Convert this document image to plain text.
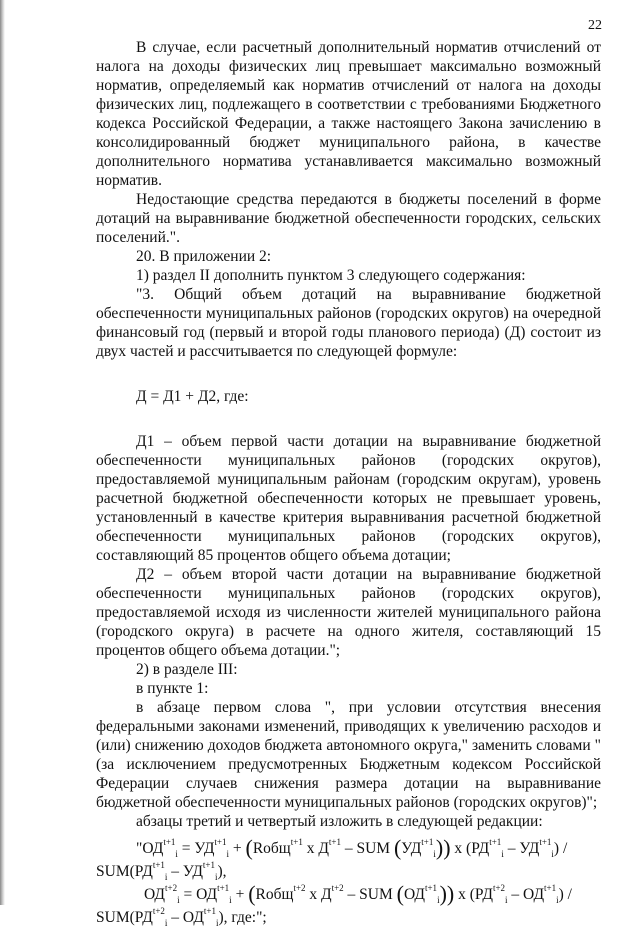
22

В случае, если расчетный дополнительный норматив отчислений от налога на доходы физических лиц превышает максимально возможный норматив, определяемый как норматив отчислений от налога на доходы физических лиц, подлежащего в соответствии с требованиями Бюджетного кодекса Российской Федерации, а также настоящего Закона зачислению в консолидированный бюджет муниципального района, в качестве дополнительного норматива устанавливается максимально возможный норматив.

Недостающие средства передаются в бюджеты поселений в форме дотаций на выравнивание бюджетной обеспеченности городских, сельских поселений.".

20. В приложении 2:

1) раздел II дополнить пунктом 3 следующего содержания:

"3. Общий объем дотаций на выравнивание бюджетной обеспеченности муниципальных районов (городских округов) на очередной финансовый год (первый и второй годы планового периода) (Д) состоит из двух частей и рассчитывается по следующей формуле:

Д = Д1 + Д2, где:

Д1 – объем первой части дотации на выравнивание бюджетной обеспеченности муниципальных районов (городских округов), предоставляемой муниципальным районам (городским округам), уровень расчетной бюджетной обеспеченности которых не превышает уровень, установленный в качестве критерия выравнивания расчетной бюджетной обеспеченности муниципальных районов (городских округов), составляющий 85 процентов общего объема дотации;

Д2 – объем второй части дотации на выравнивание бюджетной обеспеченности муниципальных районов (городских округов), предоставляемой исходя из численности жителей муниципального района (городского округа) в расчете на одного жителя, составляющий 15 процентов общего объема дотации.";

2) в разделе III:

в пункте 1:

в абзаце первом слова ", при условии отсутствия внесения федеральными законами изменений, приводящих к увеличению расходов и (или) снижению доходов бюджета автономного округа," заменить словами "(за исключением предусмотренных Бюджетным кодексом Российской Федерации случаев снижения размера дотации на выравнивание бюджетной обеспеченности муниципальных районов (городских округов)";

абзацы третий и четвертый изложить в следующей редакции:

"$ОД^{t+1}_i = УД^{t+1}_i$ + (Rобщ$^{t+1}$ x $Д^{t+1}$ – SUM $(УД^{t+1}_i)$) x $(РД^{t+1}_i - УД^{t+1}_i)$ /
$SUM(РД^{t+1}_i - УД^{t+1}_i)$,
$ОД^{t+2}_i = ОД^{t+1}_i$ + (Rобщ$^{t+2}$ x $Д^{t+2}$ – SUM $(ОД^{t+1}_i)$) x $(РД^{t+2}_i - ОД^{t+1}_i)$ /
$SUM(РД^{t+2}_i - ОД^{t+1}_i)$, где:";
